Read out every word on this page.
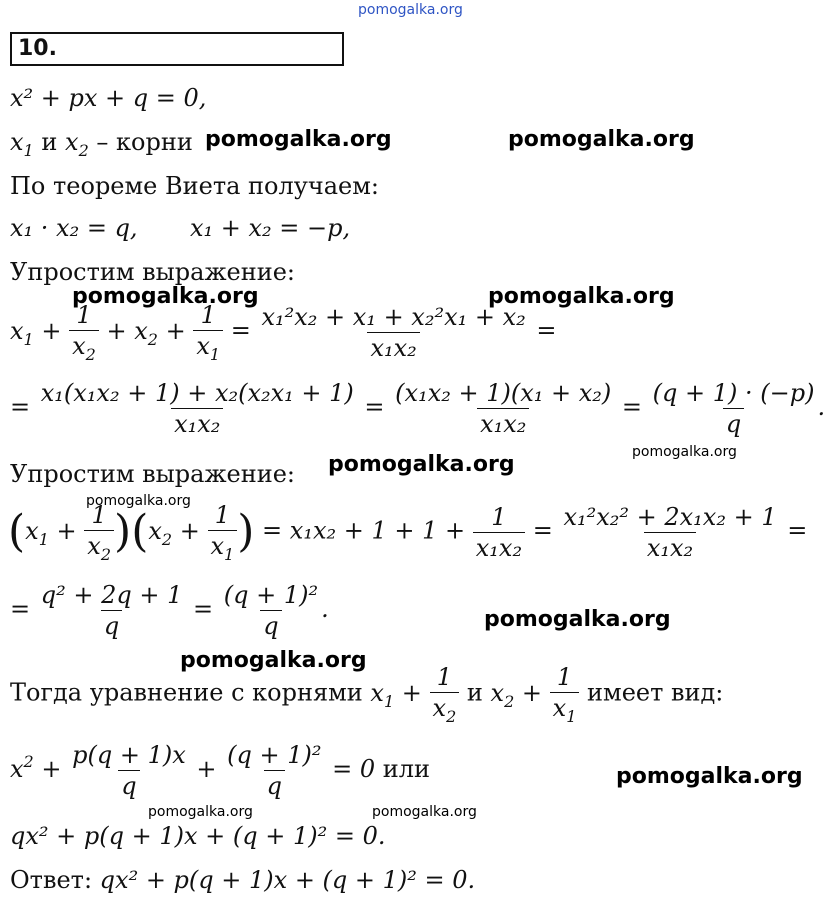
pomogalka.org
10.
x² + px + q = 0,
$x_1$ и $x_2$ – корни pomogalka.org	pomogalka.org
По теореме Виета получаем:
x₁ · x₂ = q, x₁ + x₂ = −p,
Упростим выражение:
pomogalka.org	pomogalka.org
$x_1 + \frac{1}{x_2} + x_2 + \frac{1}{x_1} = \frac{\text{x₁²x₂ + x₁ + x₂²x₁ + x₂}}{\text{x₁x₂}}$ =
= $\frac{\text{x₁(x₁x₂ + 1) + x₂(x₂x₁ + 1)}}{\text{x₁x₂}} = \frac{\text{(x₁x₂ + 1)(x₁ + x₂)}}{\text{x₁x₂}} = \frac{(q + 1) \cdot (-p)}{q}$ .
pomogalka.org
Упростим выражение: pomogalka.org
pomogalka.org
$(x_1 + \frac{1}{x_2} )(x_2 + \frac{1}{x_1}$ ) = $x_1x_2 + 1 + 1 + \frac{1}{\text{x₁x₂}} = \frac{\text{x₁²x₂² + 2x₁x₂ + 1}}{\text{x₁x₂}}$ =
= $\frac{\text{q² + 2q + 1}}{q} = \frac{\text{(q + 1)²}}{q}$ .	pomogalka.org
pomogalka.org
Тогда уравнение с корнями $x_1 + \frac{1}{x_2}$ и $x_2 + \frac{1}{x_1}$ имеет вид:
$x^2 + \frac{p(q + 1)x}{q} + \frac{\text{(q + 1)²}}{q} = 0$ или	pomogalka.org
pomogalka.org	pomogalka.org
qx² + p(q + 1)x + (q + 1)² = 0.
Ответ: qx² + p(q + 1)x + (q + 1)² = 0.
